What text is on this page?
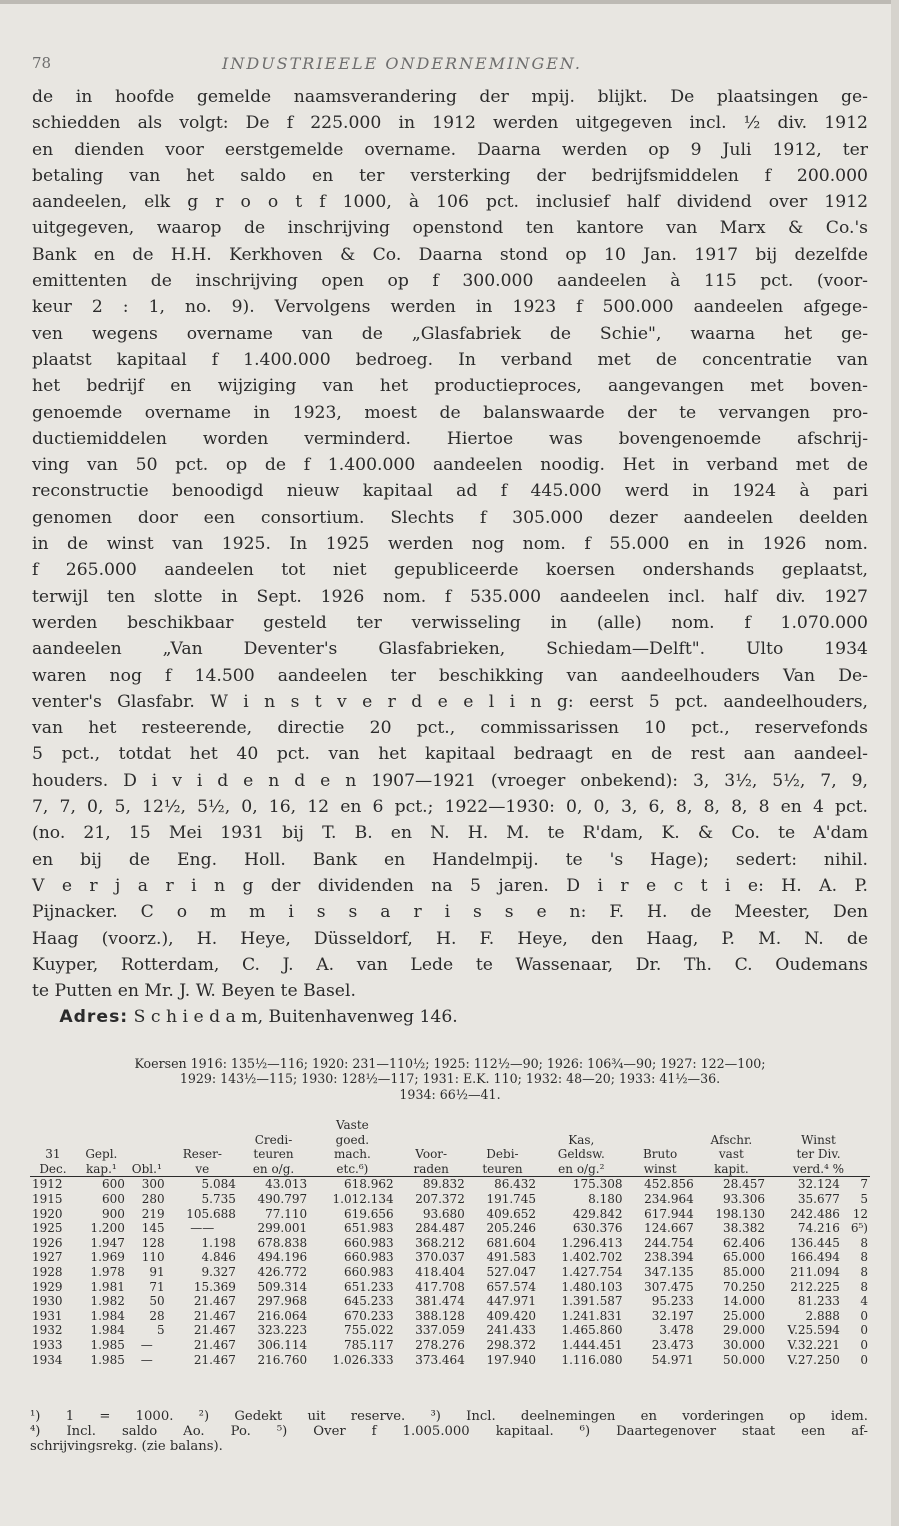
78	INDUSTRIEELE ONDERNEMINGEN.
de in hoofde gemelde naamsverandering der mpij. blijkt. De plaatsingen ge-
schiedden als volgt: De f 225.000 in 1912 werden uitgegeven incl. ½ div. 1912
en dienden voor eerstgemelde overname. Daarna werden op 9 Juli 1912, ter
betaling van het saldo en ter versterking der bedrijfsmiddelen f 200.000
aandeelen, elk g r o o t f 1000, à 106 pct. inclusief half dividend over 1912
uitgegeven, waarop de inschrijving openstond ten kantore van Marx & Co.'s
Bank en de H.H. Kerkhoven & Co. Daarna stond op 10 Jan. 1917 bij dezelfde
emittenten de inschrijving open op f 300.000 aandeelen à 115 pct. (voor-
keur 2 : 1, no. 9). Vervolgens werden in 1923 f 500.000 aandeelen afgege-
ven wegens overname van de „Glasfabriek de Schie", waarna het ge-
plaatst kapitaal f 1.400.000 bedroeg. In verband met de concentratie van
het bedrijf en wijziging van het productieproces, aangevangen met boven-
genoemde overname in 1923, moest de balanswaarde der te vervangen pro-
ductiemiddelen worden verminderd. Hiertoe was bovengenoemde afschrij-
ving van 50 pct. op de f 1.400.000 aandeelen noodig. Het in verband met de
reconstructie benoodigd nieuw kapitaal ad f 445.000 werd in 1924 à pari
genomen door een consortium. Slechts f 305.000 dezer aandeelen deelden
in de winst van 1925. In 1925 werden nog nom. f 55.000 en in 1926 nom.
f 265.000 aandeelen tot niet gepubliceerde koersen ondershands geplaatst,
terwijl ten slotte in Sept. 1926 nom. f 535.000 aandeelen incl. half div. 1927
werden beschikbaar gesteld ter verwisseling in (alle) nom. f 1.070.000
aandeelen „Van Deventer's Glasfabrieken, Schiedam—Delft". Ulto 1934
waren nog f 14.500 aandeelen ter beschikking van aandeelhouders Van De-
venter's Glasfabr. W i n s t v e r d e e l i n g: eerst 5 pct. aandeelhouders,
van het resteerende, directie 20 pct., commissarissen 10 pct., reservefonds
5 pct., totdat het 40 pct. van het kapitaal bedraagt en de rest aan aandeel-
houders. D i v i d e n d e n 1907—1921 (vroeger onbekend): 3, 3½, 5½, 7, 9,
7, 7, 0, 5, 12½, 5½, 0, 16, 12 en 6 pct.; 1922—1930: 0, 0, 3, 6, 8, 8, 8, 8 en 4 pct.
(no. 21, 15 Mei 1931 bij T. B. en N. H. M. te R'dam, K. & Co. te A'dam
en bij de Eng. Holl. Bank en Handelmpij. te 's Hage); sedert: nihil.
V e r j a r i n g der dividenden na 5 jaren. D i r e c t i e: H. A. P.
Pijnacker. C o m m i s s a r i s s e n: F. H. de Meester, Den
Haag (voorz.), H. Heye, Düsseldorf, H. F. Heye, den Haag, P. M. N. de
Kuyper, Rotterdam, C. J. A. van Lede te Wassenaar, Dr. Th. C. Oudemans
te Putten en Mr. J. W. Beyen te Basel.
Adres: S c h i e d a m, Buitenhavenweg 146.
Koersen 1916: 135½—116; 1920: 231—110½; 1925: 112½—90; 1926: 106¾—90; 1927: 122—100;
1929: 143½—115; 1930: 128½—117; 1931: E.K. 110; 1932: 48—20; 1933: 41½—36.
1934: 66½—41.
					Vaste							
				Credi-	goed.			Kas,		Afschr.	Winst	
31	Gepl.		Reser-	teuren	mach.	Voor-	Debi-	Geldsw.	Bruto	vast	ter Div.	
Dec.	kap.¹	Obl.¹	ve	en o/g.	etc.⁶)	raden	teuren	en o/g.²	winst	kapit.	verd.⁴ %	
1912	600	300	5.084	43.013	618.962	89.832	86.432	175.308	452.856	28.457	32.124	7
1915	600	280	5.735	490.797	1.012.134	207.372	191.745	8.180	234.964	93.306	35.677	5
1920	900	219	105.688	77.110	619.656	93.680	409.652	429.842	617.944	198.130	242.486	12
1925	1.200	145	——	299.001	651.983	284.487	205.246	630.376	124.667	38.382	74.216	6⁵)
1926	1.947	128	1.198	678.838	660.983	368.212	681.604	1.296.413	244.754	62.406	136.445	8
1927	1.969	110	4.846	494.196	660.983	370.037	491.583	1.402.702	238.394	65.000	166.494	8
1928	1.978	91	9.327	426.772	660.983	418.404	527.047	1.427.754	347.135	85.000	211.094	8
1929	1.981	71	15.369	509.314	651.233	417.708	657.574	1.480.103	307.475	70.250	212.225	8
1930	1.982	50	21.467	297.968	645.233	381.474	447.971	1.391.587	95.233	14.000	81.233	4
1931	1.984	28	21.467	216.064	670.233	388.128	409.420	1.241.831	32.197	25.000	2.888	0
1932	1.984	5	21.467	323.223	755.022	337.059	241.433	1.465.860	3.478	29.000	V.25.594	0
1933	1.985	—	21.467	306.114	785.117	278.276	298.372	1.444.451	23.473	30.000	V.32.221	0
1934	1.985	—	21.467	216.760	1.026.333	373.464	197.940	1.116.080	54.971	50.000	V.27.250	0
¹) 1 = 1000. ²) Gedekt uit reserve. ³) Incl. deelnemingen en vorderingen op idem.
⁴) Incl. saldo Ao. Po. ⁵) Over f 1.005.000 kapitaal. ⁶) Daartegenover staat een af-
schrijvingsrekg. (zie balans).
